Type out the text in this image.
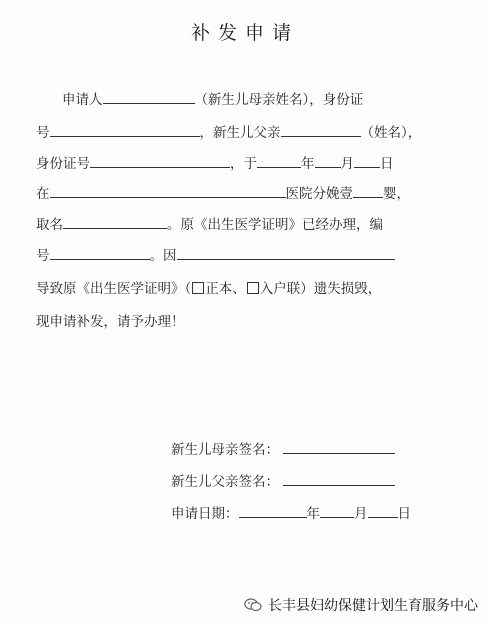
补发申请
申请人	（新生儿母亲姓名），身份证
号	，新生儿父亲	（姓名），
身份证号	，于	年 月 日
在	医院分娩壹 婴，
取名	。原《出生医学证明》已经办理，编
号	。因
导致原《出生医学证明》（ 正本、 入户联）遗失损毁，
现申请补发，请予办理！
新生儿母亲签名：
新生儿父亲签名：
申请日期：	年	月 日
长丰县妇幼保健计划生育服务中心
